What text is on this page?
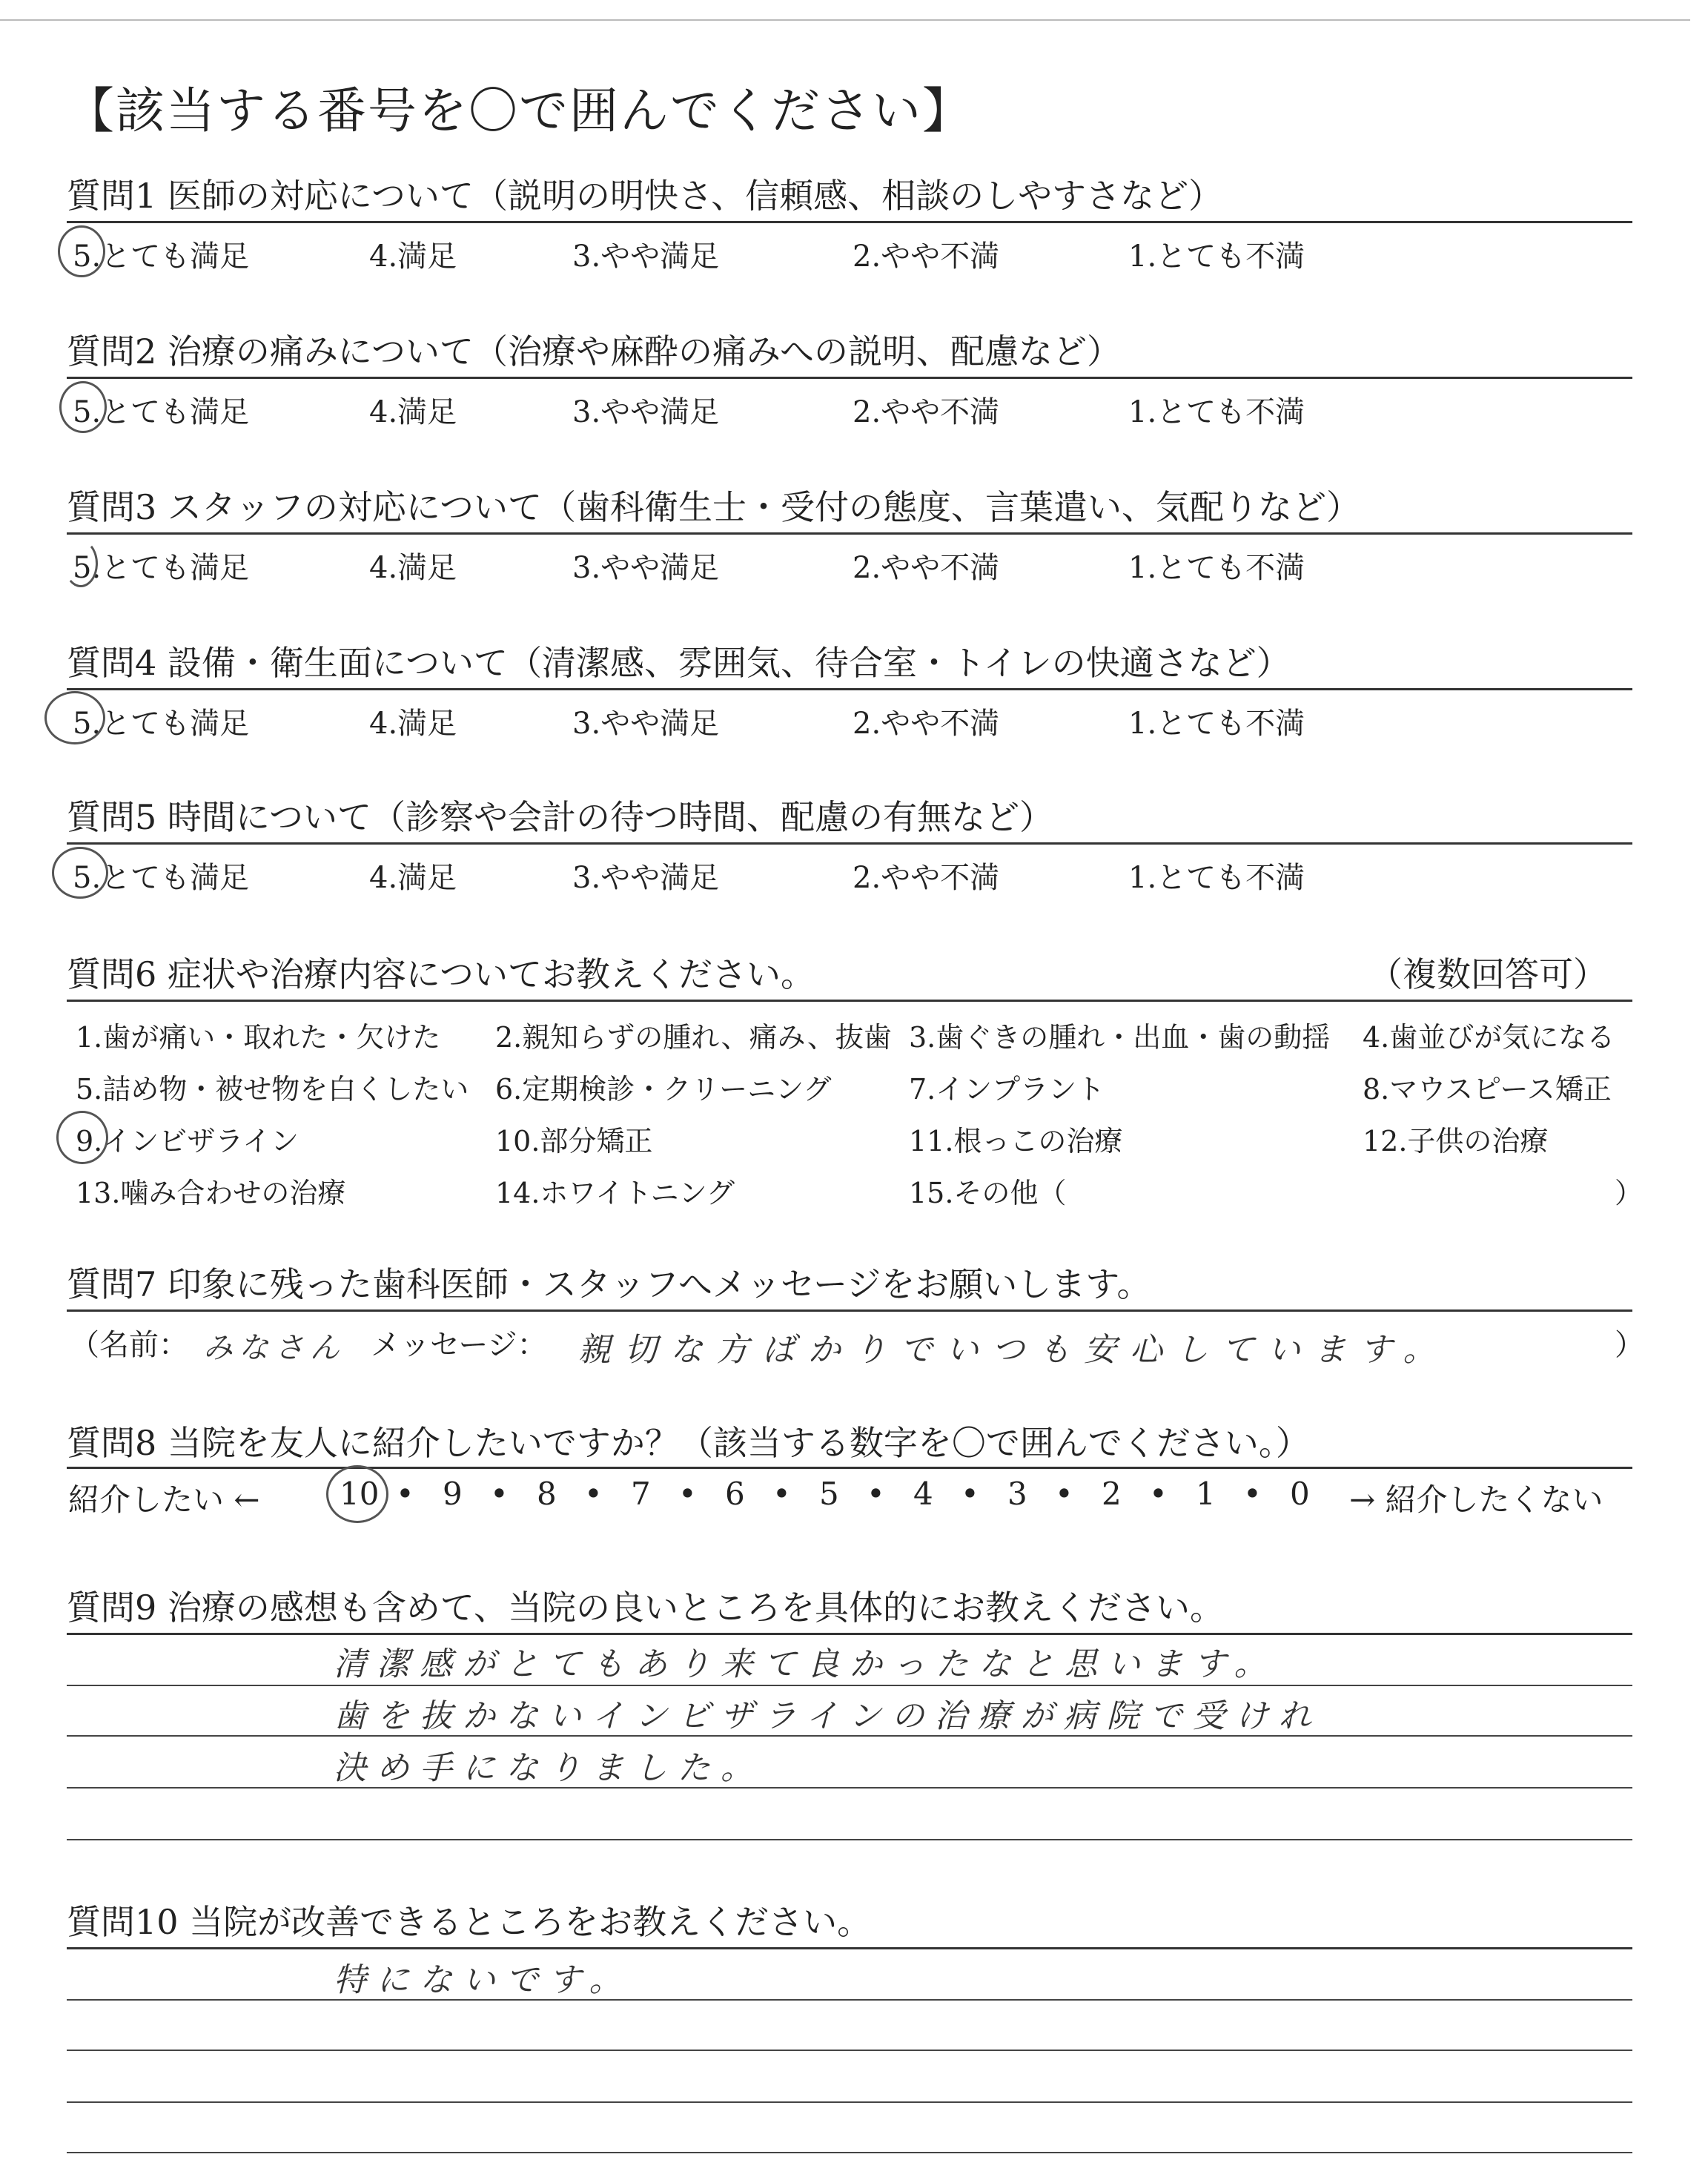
【該当する番号を〇で囲んでください】
質問1 医師の対応について（説明の明快さ、信頼感、相談のしやすさなど）
5.とても満足	4.満足	3.やや満足	2.やや不満	1.とても不満
質問2 治療の痛みについて（治療や麻酔の痛みへの説明、配慮など）
5.とても満足	4.満足	3.やや満足	2.やや不満	1.とても不満
質問3 スタッフの対応について（歯科衛生士・受付の態度、言葉遣い、気配りなど）
5.とても満足	4.満足	3.やや満足	2.やや不満	1.とても不満
質問4 設備・衛生面について（清潔感、雰囲気、待合室・トイレの快適さなど）
5.とても満足	4.満足	3.やや満足	2.やや不満	1.とても不満
質問5 時間について（診察や会計の待つ時間、配慮の有無など）
5.とても満足	4.満足	3.やや満足	2.やや不満	1.とても不満
質問6 症状や治療内容についてお教えください。	（複数回答可）
1.歯が痛い・取れた・欠けた 2.親知らずの腫れ、痛み、抜歯 3.歯ぐきの腫れ・出血・歯の動揺 4.歯並びが気になる
5.詰め物・被せ物を白くしたい 6.定期検診・クリーニング	7.インプラント	8.マウスピース矯正
9.インビザライン	10.部分矯正	11.根っこの治療	12.子供の治療
13.噛み合わせの治療	14.ホワイトニング	15.その他（	）
質問7 印象に残った歯科医師・スタッフへメッセージをお願いします。
（名前： みなさん メッセージ： 親切な方ばかりでいつも安心しています。	）
質問8 当院を友人に紹介したいですか？（該当する数字を〇で囲んでください。）
紹介したい ←	10 • 9 • 8 • 7 • 6 • 5 • 4 • 3 • 2 • 1 • 0 → 紹介したくない
質問9 治療の感想も含めて、当院の良いところを具体的にお教えください。
清潔感がとてもあり来て良かったなと思います。
歯を抜かないインビザラインの治療が病院で受けれ
決め手になりました。
質問10 当院が改善できるところをお教えください。
特にないです。
